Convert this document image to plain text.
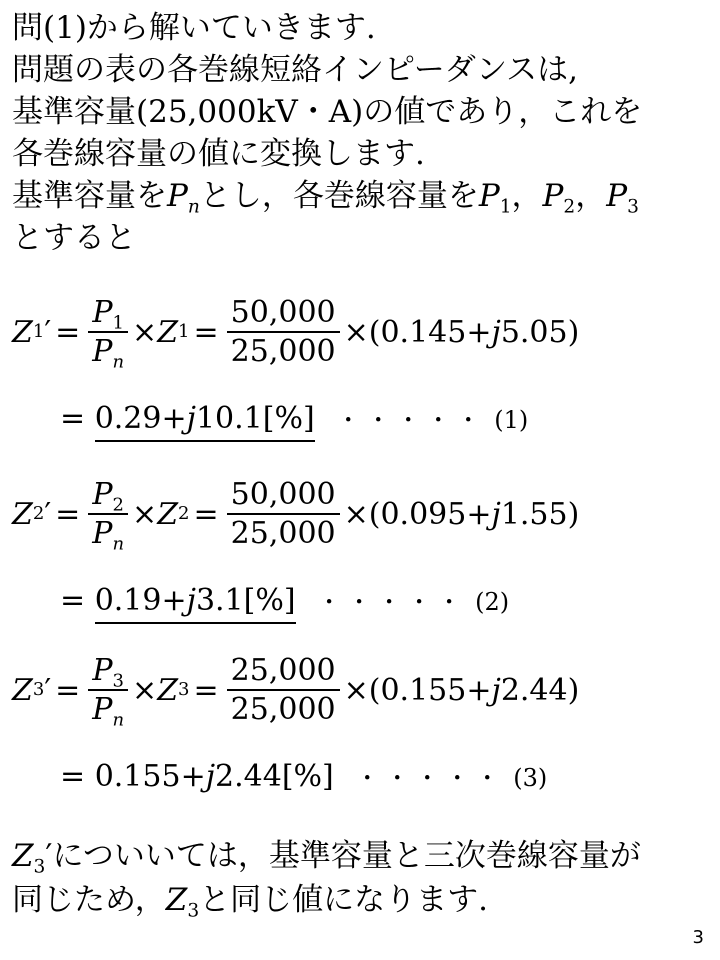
問(1)から解いていきます.

問題の表の各巻線短絡インピーダンスは,

基準容量(25,000kV・A)の値であり，これを

各巻線容量の値に変換します.

基準容量を$P_n$とし，各巻線容量を$P_1$，$P_2$，$P_3$

とすると

Z 1 ′ = $\frac{P_1}{P_n} \times Z$ $1 = \frac{50,000}{25,000} \times (0.145+ j$ 5.05)
= 0.29+j10.1[%] ・・・・・ (1)
Z 2 ′ = $\frac{P_2}{P_n} \times Z$ $2 = \frac{50,000}{25,000} \times (0.095+ j$ 1.55)
= 0.19+j3.1[%] ・・・・・ (2)
Z 3 ′ = $\frac{P_3}{P_n} \times Z$ $3 = \frac{25,000}{25,000} \times (0.155+ j$ 2.44)
= 0.155+j2.44[%] ・・・・・ (3)

$Z_3'$についいては，基準容量と三次巻線容量が

同じため，$Z_3$と同じ値になります.

3
